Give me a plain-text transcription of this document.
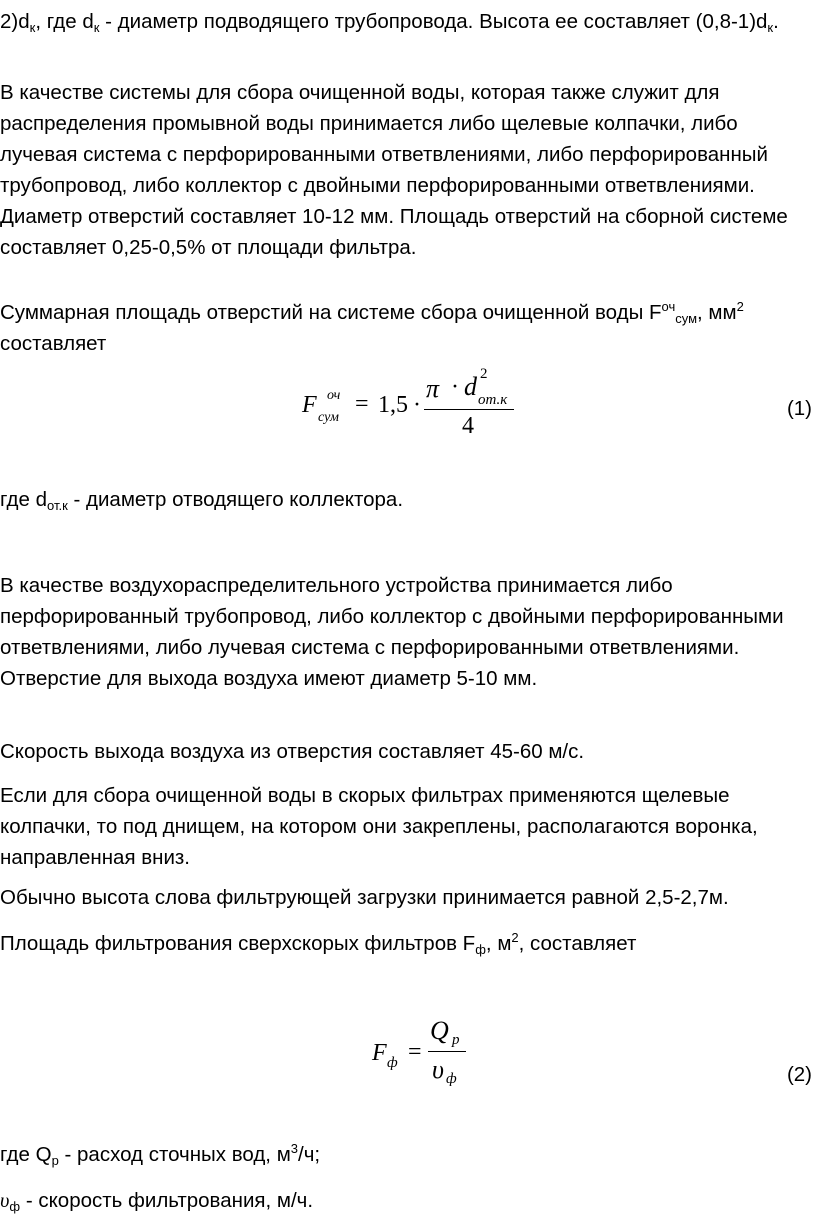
$2)d_к$, где $d_к$ - диаметр подводящего трубопровода. Высота ее составляет $(0,8-1)d_к$.

В качестве системы для сбора очищенной воды, которая также служит для распределения промывной воды принимается либо щелевые колпачки, либо лучевая система с перфорированными ответвлениями, либо перфорированный трубопровод, либо коллектор с двойными перфорированными ответвлениями. Диаметр отверстий составляет 10-12 мм. Площадь отверстий на сборной системе составляет 0,25-0,5% от площади фильтра.

Суммарная площадь отверстий на системе сбора очищенной воды $F^{оч}_{сум}$, $мм^2$ составляет

F оч
сум
= 1,5 ·
π · d 2
от.к
4
(1)

где $d_{от.к}$ - диаметр отводящего коллектора.

В качестве воздухораспределительного устройства принимается либо перфорированный трубопровод, либо коллектор с двойными перфорированными ответвлениями, либо лучевая система с перфорированными ответвлениями. Отверстие для выхода воздуха имеют диаметр 5-10 мм.

Скорость выхода воздуха из отверстия составляет 45-60 м/с.

Если для сбора очищенной воды в скорых фильтрах применяются щелевые колпачки, то под днищем, на котором они закреплены, располагаются воронка, направленная вниз.

Обычно высота слова фильтрующей загрузки принимается равной 2,5-2,7м.

Площадь фильтрования сверхскорых фильтров $F_ф$, $м^2$, составляет

F ф =
Q р
υ ф	(2)

где $Q_р$ - расход сточных вод, $м^3/ч$;

$\upsilon_ф$ - скорость фильтрования, м/ч.
